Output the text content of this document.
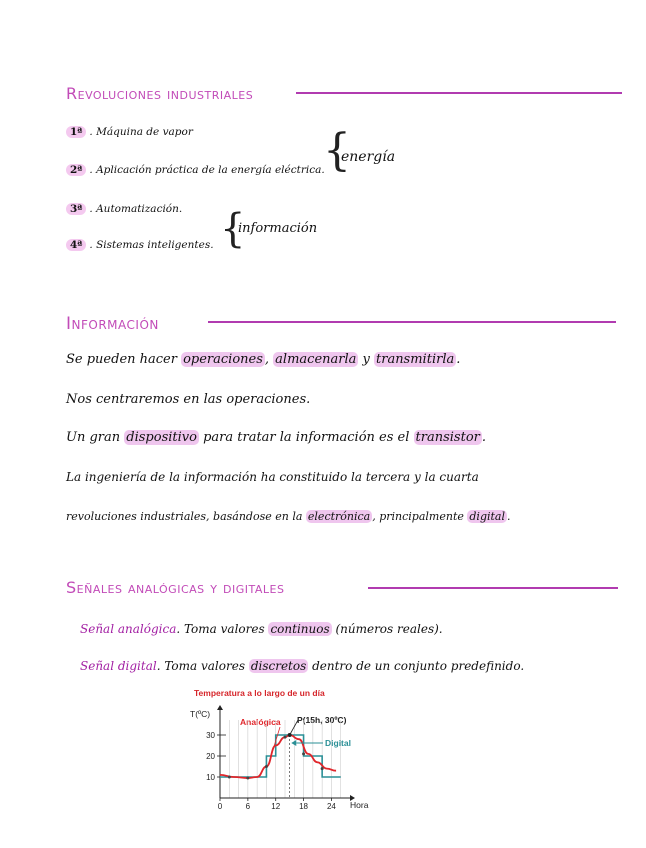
Revoluciones industriales
1ª . Máquina de vapor
2ª . Aplicación práctica de la energía eléctrica.
3ª . Automatización.
4ª . Sistemas inteligentes.
{
energía
{
información
Información
Se pueden hacer operaciones , almacenarla y transmitirla .
Nos centraremos en las operaciones.
Un gran dispositivo para tratar la información es el transistor .
La ingeniería de la información ha constituido la tercera y la cuarta
revoluciones industriales, basándose en la electrónica , principalmente digital .
Señales analógicas y digitales
Señal analógica. Toma valores continuos (números reales).
Señal digital. Toma valores discretos dentro de un conjunto predefinido.
Temperatura a lo largo de un día
T(ºC)
Hora
P(15h, 30ºC)
Analógica
Digital
0	6	12 18 24
10
20
30
